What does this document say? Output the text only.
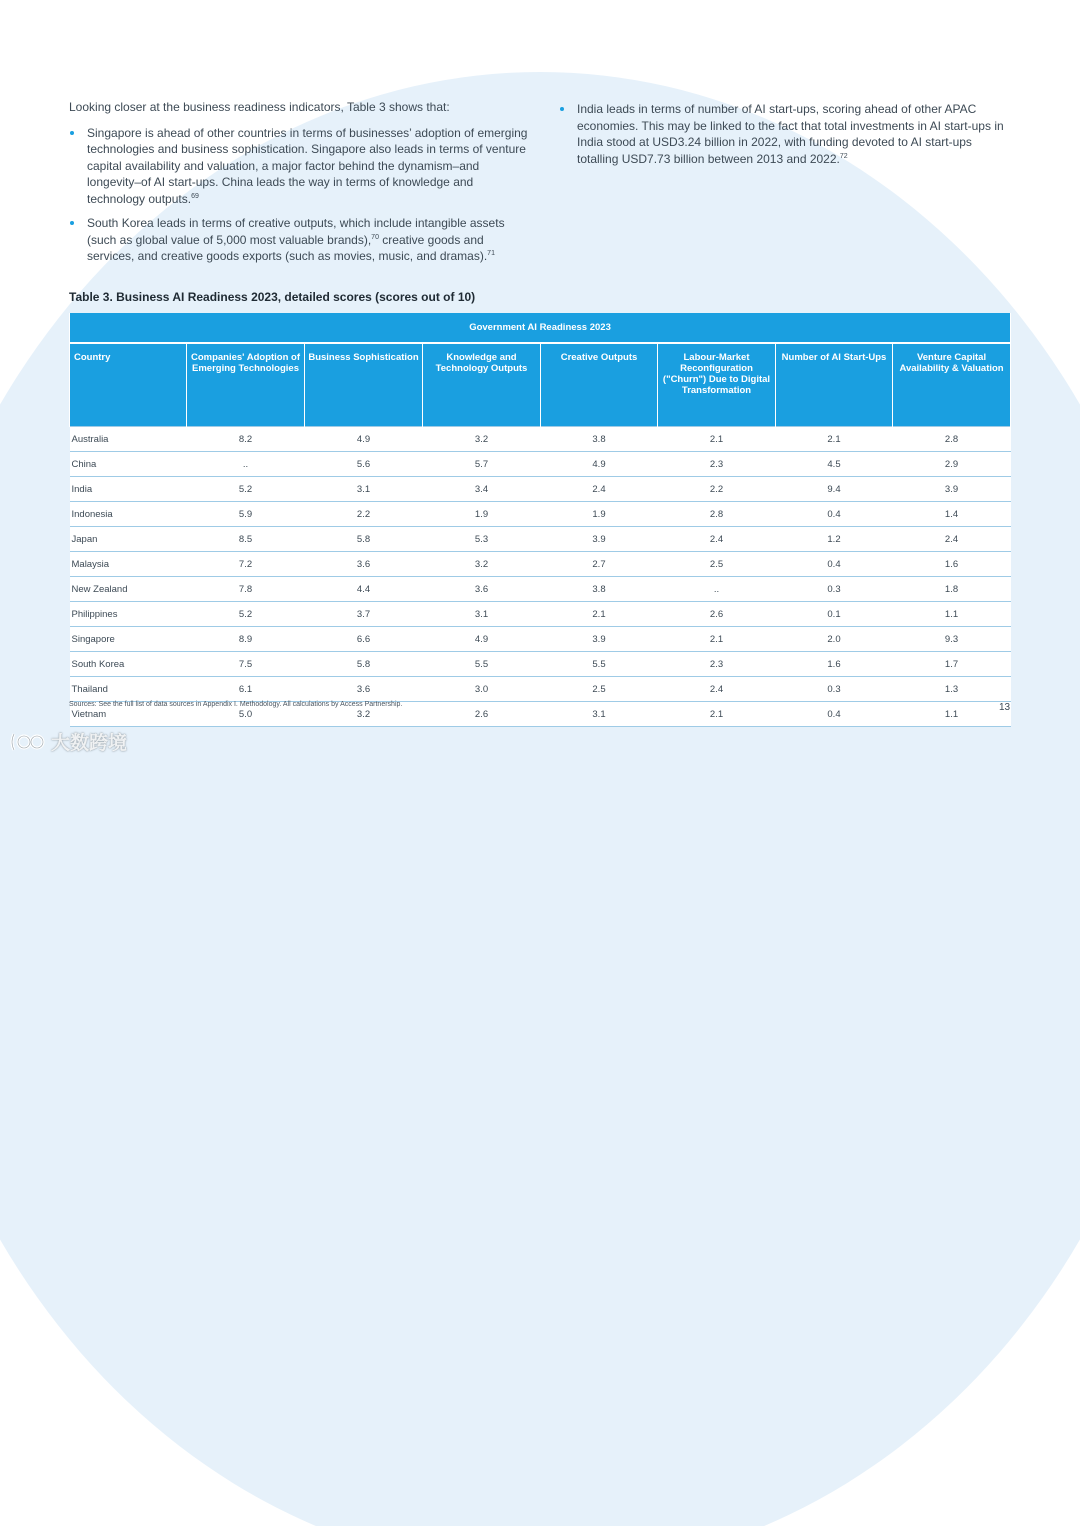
Looking closer at the business readiness indicators, Table 3 shows that:

Singapore is ahead of other countries in terms of businesses’ adoption of emerging technologies and business sophistication. Singapore also leads in terms of venture capital availability and valuation, a major factor behind the dynamism–and longevity–of AI start-ups. China leads the way in terms of knowledge and technology outputs.$^{69}$
South Korea leads in terms of creative outputs, which include intangible assets (such as global value of 5,000 most valuable brands),$^{70}$ creative goods and services, and creative goods exports (such as movies, music, and dramas).$^{71}$
India leads in terms of number of AI start-ups, scoring ahead of other APAC economies. This may be linked to the fact that total investments in AI start-ups in India stood at USD3.24 billion in 2022, with funding devoted to AI start-ups totalling USD7.73 billion between 2013 and 2022.72
Table 3. Business AI Readiness 2023, detailed scores (scores out of 10)
Government AI Readiness 2023							
Country	Companies' Adoption of Emerging Technologies	Business Sophistication	Knowledge and Technology Outputs	Creative Outputs	Labour-Market Reconfiguration ("Churn") Due to Digital Transformation	Number of AI Start-Ups	Venture Capital Availability & Valuation
Australia	8.2	4.9	3.2	3.8	2.1	2.1	2.8
China	..	5.6	5.7	4.9	2.3	4.5	2.9
India	5.2	3.1	3.4	2.4	2.2	9.4	3.9
Indonesia	5.9	2.2	1.9	1.9	2.8	0.4	1.4
Japan	8.5	5.8	5.3	3.9	2.4	1.2	2.4
Malaysia	7.2	3.6	3.2	2.7	2.5	0.4	1.6
New Zealand	7.8	4.4	3.6	3.8	..	0.3	1.8
Philippines	5.2	3.7	3.1	2.1	2.6	0.1	1.1
Singapore	8.9	6.6	4.9	3.9	2.1	2.0	9.3
South Korea	7.5	5.8	5.5	5.5	2.3	1.6	1.7
Thailand	6.1	3.6	3.0	2.5	2.4	0.3	1.3
Vietnam	5.0	3.2	2.6	3.1	2.1	0.4	1.1
Sources: See the full list of data sources in Appendix I. Methodology. All calculations by Access Partnership.	13
大数跨境
